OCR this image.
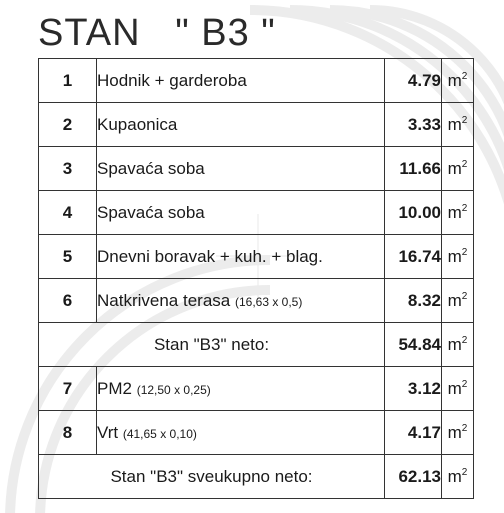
STAN   " B3 "
1	Hodnik + garderoba	4.79	$m^2$
2	Kupaonica	3.33	$m^2$
3	Spavaća soba	11.66	$m^2$
4	Spavaća soba	10.00	$m^2$
5	Dnevni boravak + kuh. + blag.	16.74	$m^2$
6	Natkrivena terasa (16,63 x 0,5)	8.32	$m^2$
Stan "B3" neto:		54.84	$m^2$
7	PM2 (12,50 x 0,25)	3.12	$m^2$
8	Vrt (41,65 x 0,10)	4.17	$m^2$
Stan "B3" sveukupno neto:		62.13	$m^2$
